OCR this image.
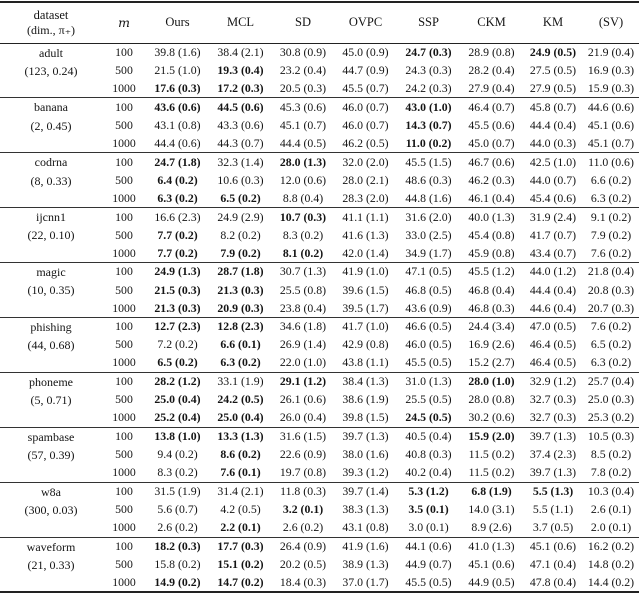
dataset
(dim., π₊)	m	Ours	MCL	SD	OVPC	SSP	CKM	KM	(SV)

adult
(123, 0.24)	100	39.8 (1.6)	38.4 (2.1)	30.8 (0.9)	45.0 (0.9)	24.7 (0.3)	28.9 (0.8)	24.9 (0.5)	21.9 (0.4)
	500	21.5 (1.0)	19.3 (0.4)	23.2 (0.4)	44.7 (0.9)	24.3 (0.3)	28.2 (0.4)	27.5 (0.5)	16.9 (0.3)
	1000	17.6 (0.3)	17.2 (0.3)	20.5 (0.3)	45.5 (0.7)	24.2 (0.3)	27.9 (0.4)	27.9 (0.5)	15.9 (0.3)

banana
(2, 0.45)	100	43.6 (0.6)	44.5 (0.6)	45.3 (0.6)	46.0 (0.7)	43.0 (1.0)	46.4 (0.7)	45.8 (0.7)	44.6 (0.6)
	500	43.1 (0.8)	43.3 (0.6)	45.1 (0.7)	46.0 (0.7)	14.3 (0.7)	45.5 (0.6)	44.4 (0.4)	45.1 (0.6)
	1000	44.4 (0.6)	44.3 (0.7)	44.4 (0.5)	46.2 (0.5)	11.0 (0.2)	45.0 (0.7)	44.0 (0.3)	45.1 (0.7)

codrna
(8, 0.33)	100	24.7 (1.8)	32.3 (1.4)	28.0 (1.3)	32.0 (2.0)	45.5 (1.5)	46.7 (0.6)	42.5 (1.0)	11.0 (0.6)
	500	6.4 (0.2)	10.6 (0.3)	12.0 (0.6)	28.0 (2.1)	48.6 (0.3)	46.2 (0.3)	44.0 (0.7)	6.6 (0.2)
	1000	6.3 (0.2)	6.5 (0.2)	8.8 (0.4)	28.3 (2.0)	44.8 (1.6)	46.1 (0.4)	45.4 (0.6)	6.3 (0.2)

ijcnn1
(22, 0.10)	100	16.6 (2.3)	24.9 (2.9)	10.7 (0.3)	41.1 (1.1)	31.6 (2.0)	40.0 (1.3)	31.9 (2.4)	9.1 (0.2)
	500	7.7 (0.2)	8.2 (0.2)	8.3 (0.2)	41.6 (1.3)	33.0 (2.5)	45.4 (0.8)	41.7 (0.7)	7.9 (0.2)
	1000	7.7 (0.2)	7.9 (0.2)	8.1 (0.2)	42.0 (1.4)	34.9 (1.7)	45.9 (0.8)	43.4 (0.7)	7.6 (0.2)

magic
(10, 0.35)	100	24.9 (1.3)	28.7 (1.8)	30.7 (1.3)	41.9 (1.0)	47.1 (0.5)	45.5 (1.2)	44.0 (1.2)	21.8 (0.4)
	500	21.5 (0.3)	21.3 (0.3)	25.5 (0.8)	39.6 (1.5)	46.8 (0.5)	46.8 (0.4)	44.4 (0.4)	20.8 (0.3)
	1000	21.3 (0.3)	20.9 (0.3)	23.8 (0.4)	39.5 (1.7)	43.6 (0.9)	46.8 (0.3)	44.6 (0.4)	20.7 (0.3)

phishing
(44, 0.68)	100	12.7 (2.3)	12.8 (2.3)	34.6 (1.8)	41.7 (1.0)	46.6 (0.5)	24.4 (3.4)	47.0 (0.5)	7.6 (0.2)
	500	7.2 (0.2)	6.6 (0.1)	26.9 (1.4)	42.9 (0.8)	46.0 (0.5)	16.9 (2.6)	46.4 (0.5)	6.5 (0.2)
	1000	6.5 (0.2)	6.3 (0.2)	22.0 (1.0)	43.8 (1.1)	45.5 (0.5)	15.2 (2.7)	46.4 (0.5)	6.3 (0.2)

phoneme
(5, 0.71)	100	28.2 (1.2)	33.1 (1.9)	29.1 (1.2)	38.4 (1.3)	31.0 (1.3)	28.0 (1.0)	32.9 (1.2)	25.7 (0.4)
	500	25.0 (0.4)	24.2 (0.5)	26.1 (0.6)	38.6 (1.9)	25.5 (0.5)	28.0 (0.8)	32.7 (0.3)	25.0 (0.3)
	1000	25.2 (0.4)	25.0 (0.4)	26.0 (0.4)	39.8 (1.5)	24.5 (0.5)	30.2 (0.6)	32.7 (0.3)	25.3 (0.2)

spambase
(57, 0.39)	100	13.8 (1.0)	13.3 (1.3)	31.6 (1.5)	39.7 (1.3)	40.5 (0.4)	15.9 (2.0)	39.7 (1.3)	10.5 (0.3)
	500	9.4 (0.2)	8.6 (0.2)	22.6 (0.9)	38.0 (1.6)	40.8 (0.3)	11.5 (0.2)	37.4 (2.3)	8.5 (0.2)
	1000	8.3 (0.2)	7.6 (0.1)	19.7 (0.8)	39.3 (1.2)	40.2 (0.4)	11.5 (0.2)	39.7 (1.3)	7.8 (0.2)

w8a
(300, 0.03)	100	31.5 (1.9)	31.4 (2.1)	11.8 (0.3)	39.7 (1.4)	5.3 (1.2)	6.8 (1.9)	5.5 (1.3)	10.3 (0.4)
	500	5.6 (0.7)	4.2 (0.5)	3.2 (0.1)	38.3 (1.3)	3.5 (0.1)	14.0 (3.1)	5.5 (1.1)	2.6 (0.1)
	1000	2.6 (0.2)	2.2 (0.1)	2.6 (0.2)	43.1 (0.8)	3.0 (0.1)	8.9 (2.6)	3.7 (0.5)	2.0 (0.1)

waveform
(21, 0.33)	100	18.2 (0.3)	17.7 (0.3)	26.4 (0.9)	41.9 (1.6)	44.1 (0.6)	41.0 (1.3)	45.1 (0.6)	16.2 (0.2)
	500	15.8 (0.2)	15.1 (0.2)	20.2 (0.5)	38.9 (1.3)	44.9 (0.7)	45.1 (0.6)	47.1 (0.4)	14.8 (0.2)
	1000	14.9 (0.2)	14.7 (0.2)	18.4 (0.3)	37.0 (1.7)	45.5 (0.5)	44.9 (0.5)	47.8 (0.4)	14.4 (0.2)
